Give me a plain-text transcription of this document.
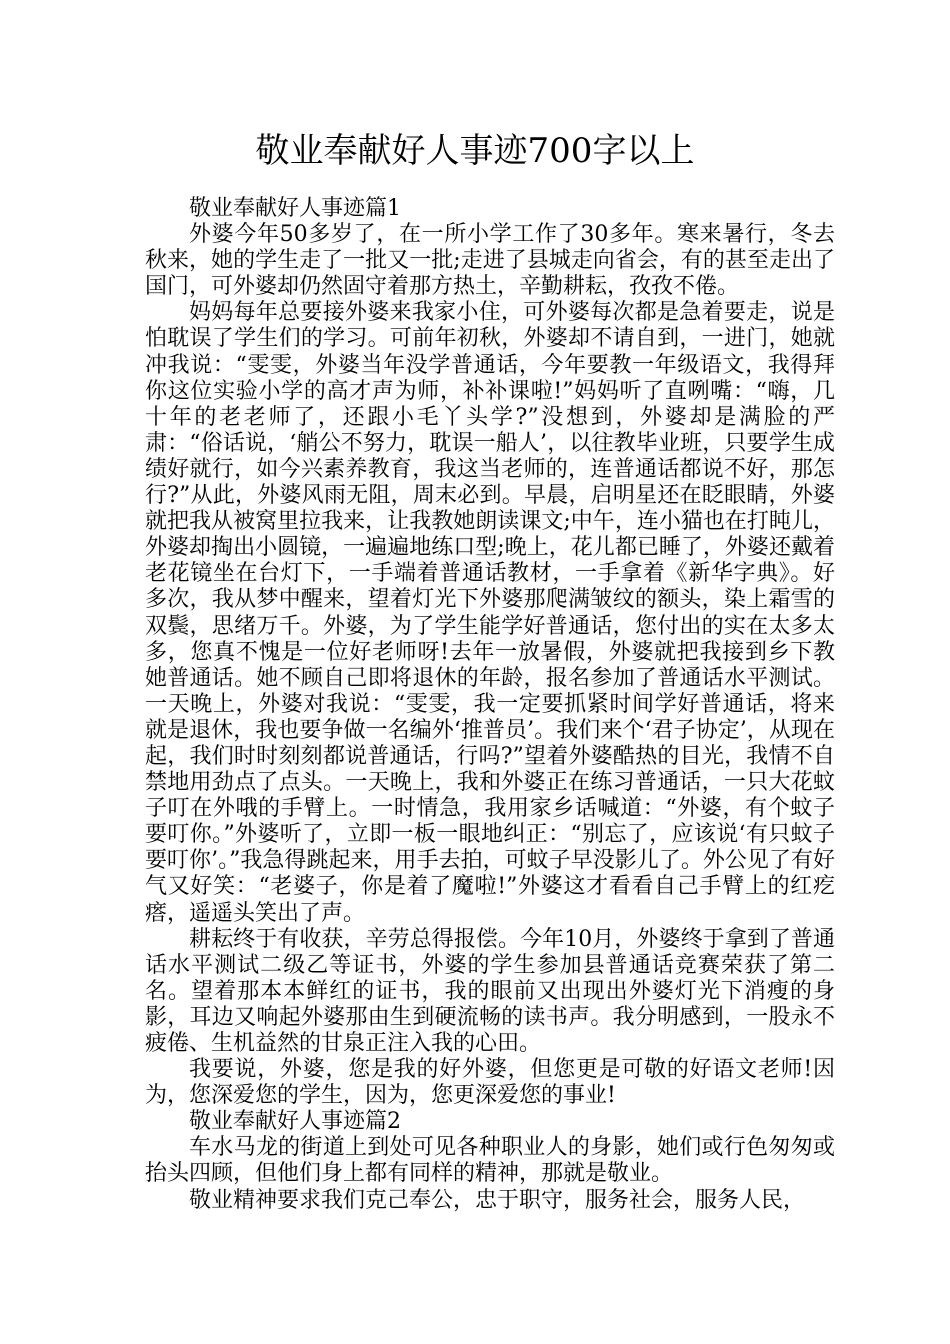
敬业奉献好人事迹700字以上

敬业奉献好人事迹篇1

外婆今年50多岁了，在一所小学工作了30多年。寒来暑行，冬去秋来，她的学生走了一批又一批;走进了县城走向省会，有的甚至走出了国门，可外婆却仍然固守着那方热土，辛勤耕耘，孜孜不倦。

妈妈每年总要接外婆来我家小住，可外婆每次都是急着要走，说是怕耽误了学生们的学习。可前年初秋，外婆却不请自到，一进门，她就冲我说：“雯雯，外婆当年没学普通话，今年要教一年级语文，我得拜你这位实验小学的高才声为师，补补课啦!”妈妈听了直咧嘴：“嗨，几十年的老老师了，还跟小毛丫头学?”没想到，外婆却是满脸的严肃：“俗话说，‘艄公不努力，耽误一船人’，以往教毕业班，只要学生成绩好就行，如今兴素养教育，我这当老师的，连普通话都说不好，那怎行?”从此，外婆风雨无阻，周末必到。早晨，启明星还在眨眼睛，外婆就把我从被窝里拉我来，让我教她朗读课文;中午，连小猫也在打盹儿，外婆却掏出小圆镜，一遍遍地练口型;晚上，花儿都已睡了，外婆还戴着老花镜坐在台灯下，一手端着普通话教材，一手拿着《新华字典》。好多次，我从梦中醒来，望着灯光下外婆那爬满皱纹的额头，染上霜雪的双鬓，思绪万千。外婆，为了学生能学好普通话，您付出的实在太多太多，您真不愧是一位好老师呀!去年一放暑假，外婆就把我接到乡下教她普通话。她不顾自己即将退休的年龄，报名参加了普通话水平测试。一天晚上，外婆对我说：“雯雯，我一定要抓紧时间学好普通话，将来就是退休，我也要争做一名编外‘推普员’。我们来个‘君子协定’，从现在起，我们时时刻刻都说普通话，行吗?”望着外婆酷热的目光，我情不自禁地用劲点了点头。一天晚上，我和外婆正在练习普通话，一只大花蚊子叮在外哦的手臂上。一时情急，我用家乡话喊道：“外婆，有个蚊子要叮你。”外婆听了，立即一板一眼地纠正：“别忘了，应该说‘有只蚊子要叮你’。”我急得跳起来，用手去拍，可蚊子早没影儿了。外公见了有好气又好笑：“老婆子，你是着了魔啦!”外婆这才看看自己手臂上的红疙瘩，遥遥头笑出了声。

耕耘终于有收获，辛劳总得报偿。今年10月，外婆终于拿到了普通话水平测试二级乙等证书，外婆的学生参加县普通话竞赛荣获了第二名。望着那本本鲜红的证书，我的眼前又出现出外婆灯光下消瘦的身影，耳边又响起外婆那由生到硬流畅的读书声。我分明感到，一股永不疲倦、生机益然的甘泉正注入我的心田。

我要说，外婆，您是我的好外婆，但您更是可敬的好语文老师!因为，您深爱您的学生，因为，您更深爱您的事业!

敬业奉献好人事迹篇2

车水马龙的街道上到处可见各种职业人的身影，她们或行色匆匆或抬头四顾，但他们身上都有同样的精神，那就是敬业。

敬业精神要求我们克己奉公，忠于职守，服务社会，服务人民，
